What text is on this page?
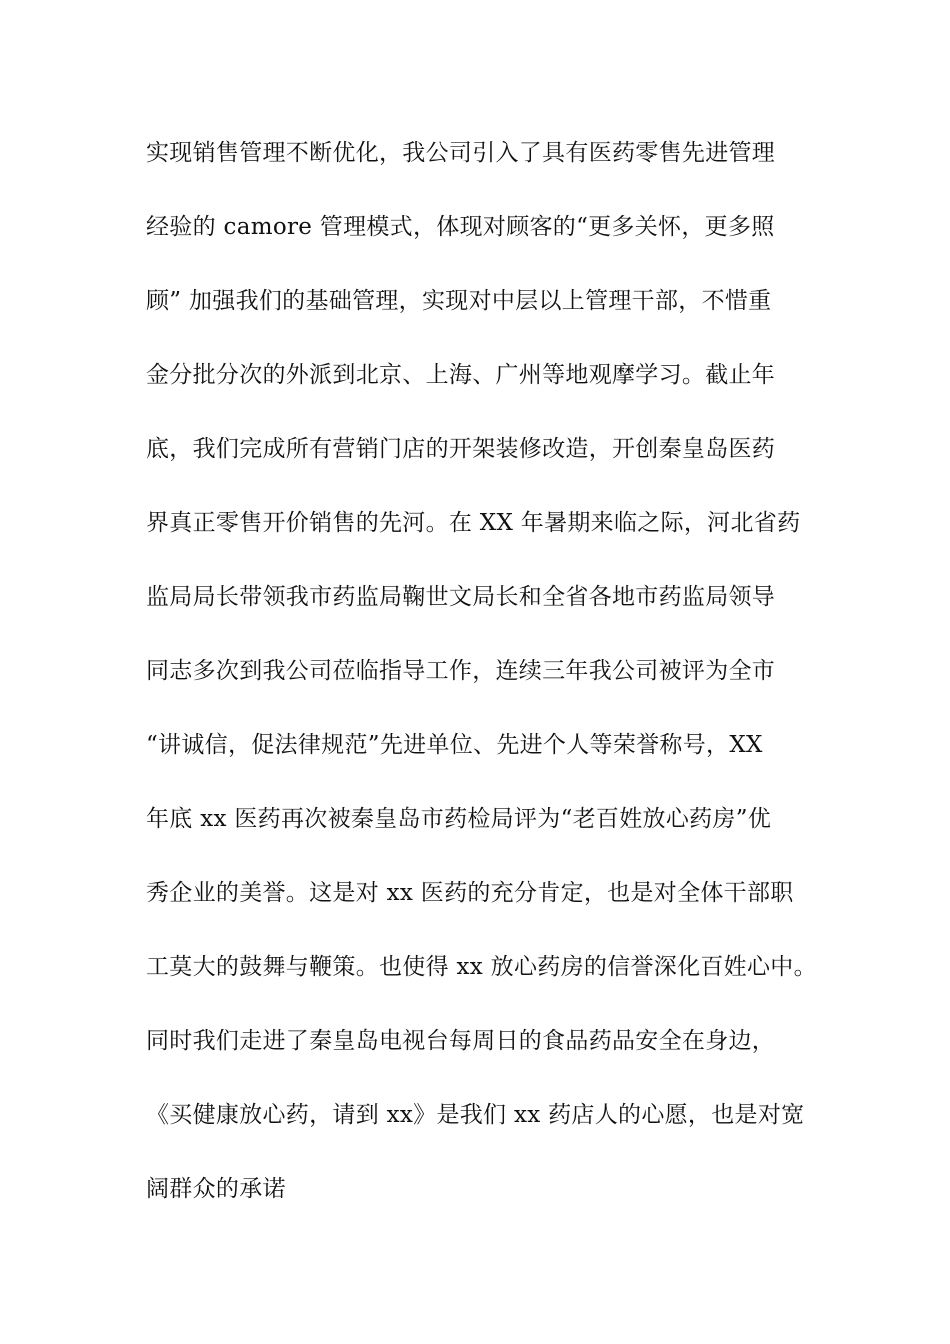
实现销售管理不断优化，我公司引入了具有医药零售先进管理
经验的 camore 管理模式，体现对顾客的“更多关怀，更多照
顾” 加强我们的基础管理，实现对中层以上管理干部，不惜重
金分批分次的外派到北京、上海、广州等地观摩学习。截止年
底，我们完成所有营销门店的开架装修改造，开创秦皇岛医药
界真正零售开价销售的先河。在 XX 年暑期来临之际，河北省药
监局局长带领我市药监局鞠世文局长和全省各地市药监局领导
同志多次到我公司莅临指导工作，连续三年我公司被评为全市
“讲诚信，促法律规范”先进单位、先进个人等荣誉称号，XX
年底 xx 医药再次被秦皇岛市药检局评为“老百姓放心药房”优
秀企业的美誉。这是对 xx 医药的充分肯定，也是对全体干部职
工莫大的鼓舞与鞭策。也使得 xx 放心药房的信誉深化百姓心中。
同时我们走进了秦皇岛电视台每周日的食品药品安全在身边，
《买健康放心药，请到 xx》是我们 xx 药店人的心愿，也是对宽
阔群众的承诺
